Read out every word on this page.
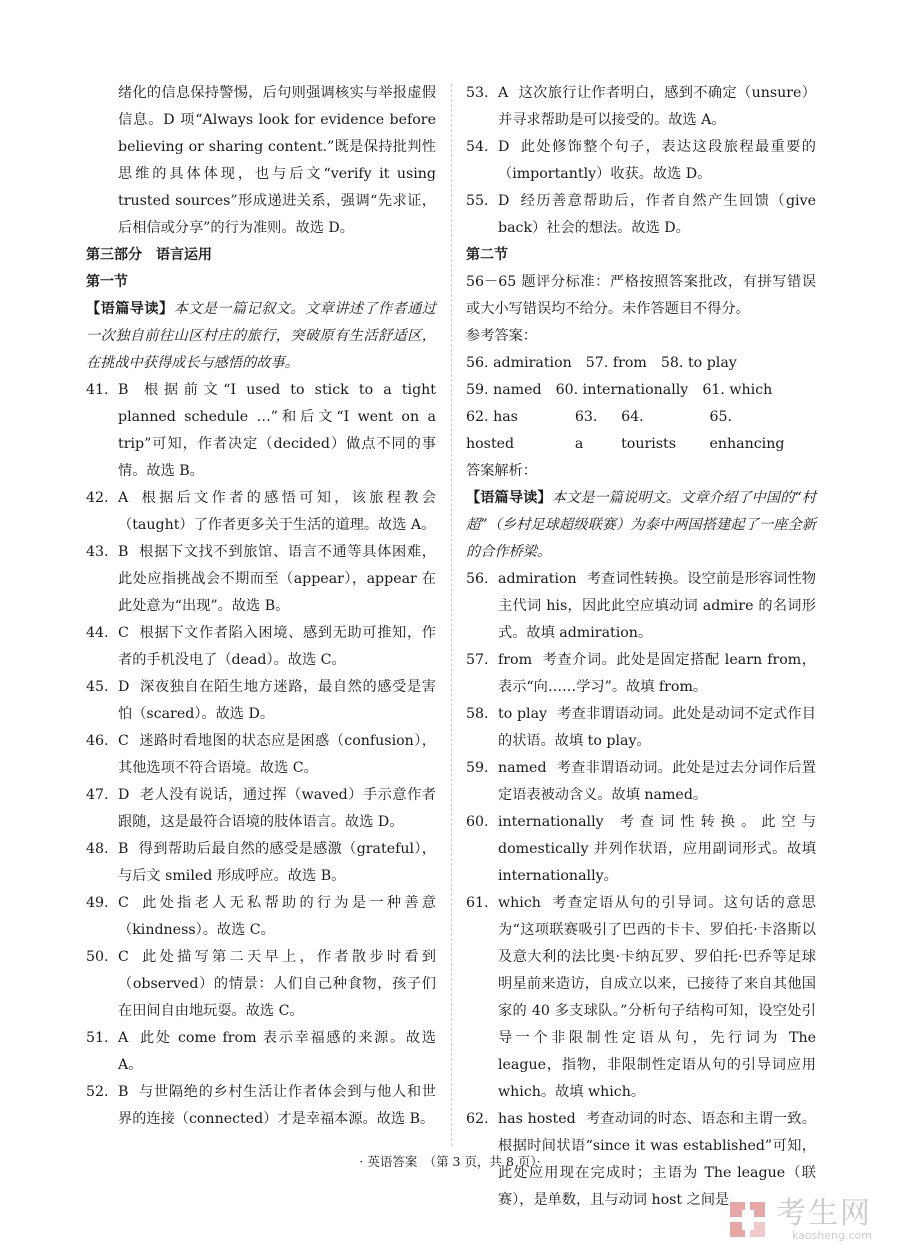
绪化的信息保持警惕，后句则强调核实与举报虚假信息。D 项“Always look for evidence before believing or sharing content.”既是保持批判性思维的具体体现，也与后文“verify it using trusted sources”形成递进关系，强调“先求证，后相信或分享”的行为准则。故选 D。

第三部分　语言运用
第一节

【语篇导读】本文是一篇记叙文。文章讲述了作者通过一次独自前往山区村庄的旅行，突破原有生活舒适区，在挑战中获得成长与感悟的故事。

41. B 根据前文“I used to stick to a tight planned schedule …”和后文“I went on a trip”可知，作者决定（decided）做点不同的事情。故选 B。
42. A 根据后文作者的感悟可知，该旅程教会（taught）了作者更多关于生活的道理。故选 A。
43. B 根据下文找不到旅馆、语言不通等具体困难，此处应指挑战会不期而至（appear），appear 在此处意为“出现”。故选 B。
44. C 根据下文作者陷入困境、感到无助可推知，作者的手机没电了（dead）。故选 C。
45. D 深夜独自在陌生地方迷路，最自然的感受是害怕（scared）。故选 D。
46. C 迷路时看地图的状态应是困惑（confusion），其他选项不符合语境。故选 C。
47. D 老人没有说话，通过挥（waved）手示意作者跟随，这是最符合语境的肢体语言。故选 D。
48. B 得到帮助后最自然的感受是感激（grateful），与后文 smiled 形成呼应。故选 B。
49. C 此处指老人无私帮助的行为是一种善意（kindness）。故选 C。
50. C 此处描写第二天早上，作者散步时看到（observed）的情景：人们自己种食物，孩子们在田间自由地玩耍。故选 C。
51. A 此处 come from 表示幸福感的来源。故选 A。
52. B 与世隔绝的乡村生活让作者体会到与他人和世界的连接（connected）才是幸福本源。故选 B。
53. A 这次旅行让作者明白，感到不确定（unsure）并寻求帮助是可以接受的。故选 A。
54. D 此处修饰整个句子，表达这段旅程最重要的（importantly）收获。故选 D。
55. D 经历善意帮助后，作者自然产生回馈（give back）社会的想法。故选 D。
第二节

56－65 题评分标准：严格按照答案批改，有拼写错误或大小写错误均不给分。未作答题目不得分。

参考答案：
56. admiration 57. from 58. to play
59. named 60. internationally 61. which
62. has hosted
63. a
64. tourists
65. enhancing
答案解析：

【语篇导读】本文是一篇说明文。文章介绍了中国的“村超”（乡村足球超级联赛）为泰中两国搭建起了一座全新的合作桥梁。

56. admiration 考查词性转换。设空前是形容词性物主代词 his，因此此空应填动词 admire 的名词形式。故填 admiration。
57. from 考查介词。此处是固定搭配 learn from，表示“向……学习”。故填 from。
58. to play 考查非谓语动词。此处是动词不定式作目的状语。故填 to play。
59. named 考查非谓语动词。此处是过去分词作后置定语表被动含义。故填 named。
60. internationally 考查词性转换。此空与 domestically 并列作状语，应用副词形式。故填 internationally。
61. which 考查定语从句的引导词。这句话的意思为“这项联赛吸引了巴西的卡卡、罗伯托·卡洛斯以及意大利的法比奥·卡纳瓦罗、罗伯托·巴乔等足球明星前来造访，自成立以来，已接待了来自其他国家的 40 多支球队。”分析句子结构可知，设空处引导一个非限制性定语从句，先行词为 The league，指物，非限制性定语从句的引导词应用 which。故填 which。
62. has hosted 考查动词的时态、语态和主谓一致。根据时间状语“since it was established”可知，此处应用现在完成时；主语为 The league（联赛），是单数，且与动词 host 之间是
· 英语答案　（第 3 页，共 8 页）·
考生网
kaosheng.com
